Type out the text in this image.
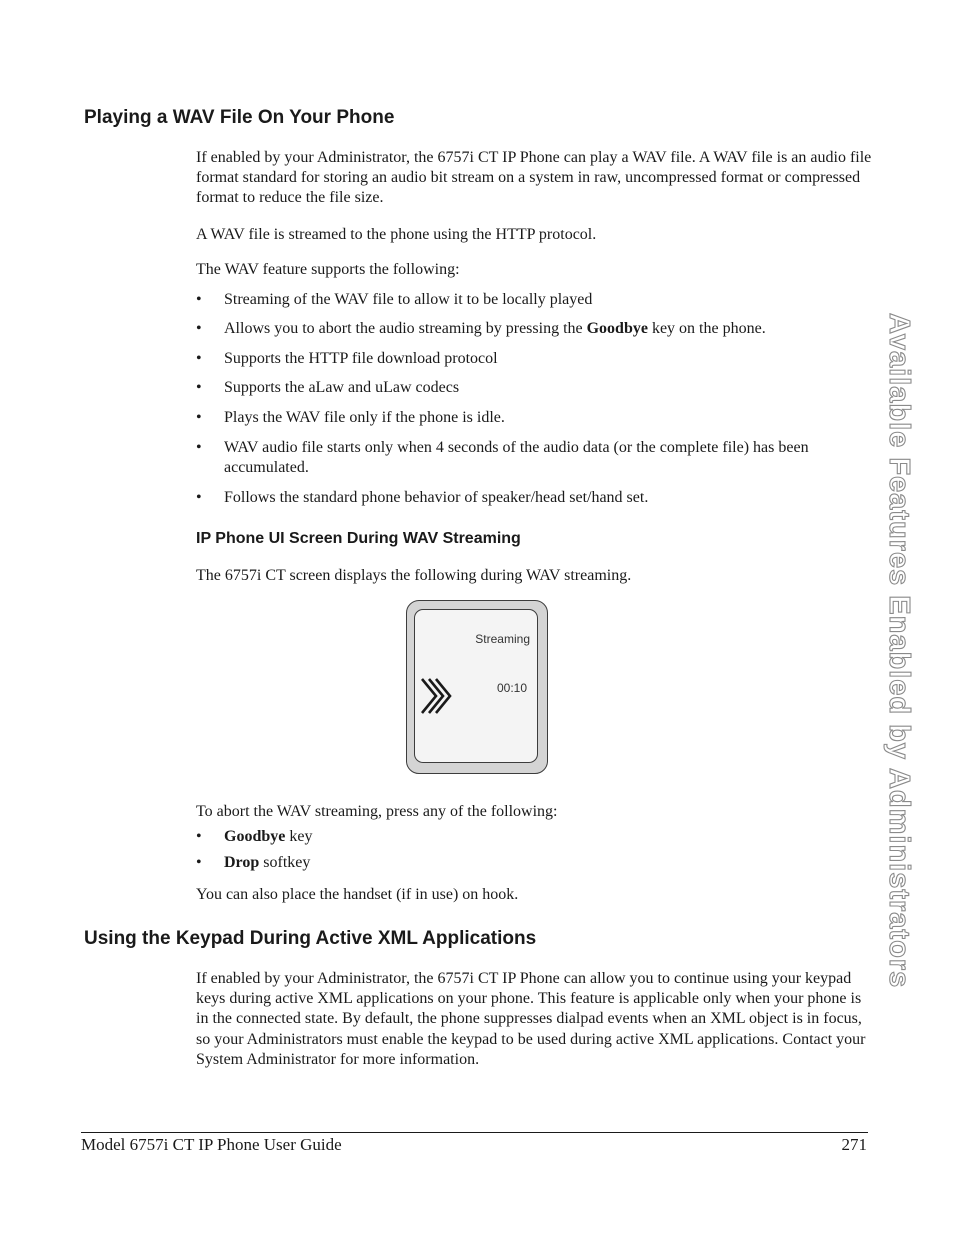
Playing a WAV File On Your Phone

If enabled by your Administrator, the 6757i CT IP Phone can play a WAV file. A WAV file is an audio file format standard for storing an audio bit stream on a system in raw, uncompressed format or compressed format to reduce the file size.

A WAV file is streamed to the phone using the HTTP protocol.

The WAV feature supports the following:

• Streaming of the WAV file to allow it to be locally played
• Allows you to abort the audio streaming by pressing the Goodbye key on the phone.
• Supports the HTTP file download protocol
• Supports the aLaw and uLaw codecs
• Plays the WAV file only if the phone is idle.
• WAV audio file starts only when 4 seconds of the audio data (or the complete file) has been accumulated.
• Follows the standard phone behavior of speaker/head set/hand set.
IP Phone UI Screen During WAV Streaming

The 6757i CT screen displays the following during WAV streaming.

Streaming
00:10

To abort the WAV streaming, press any of the following:

• Goodbye key
• Drop softkey

You can also place the handset (if in use) on hook.

Using the Keypad During Active XML Applications

If enabled by your Administrator, the 6757i CT IP Phone can allow you to continue using your keypad keys during active XML applications on your phone. This feature is applicable only when your phone is in the connected state. By default, the phone suppresses dialpad events when an XML object is in focus, so your Administrators must enable the keypad to be used during active XML applications. Contact your System Administrator for more information.

Available Features Enabled by Administrators
Model 6757i CT IP Phone User Guide	271
